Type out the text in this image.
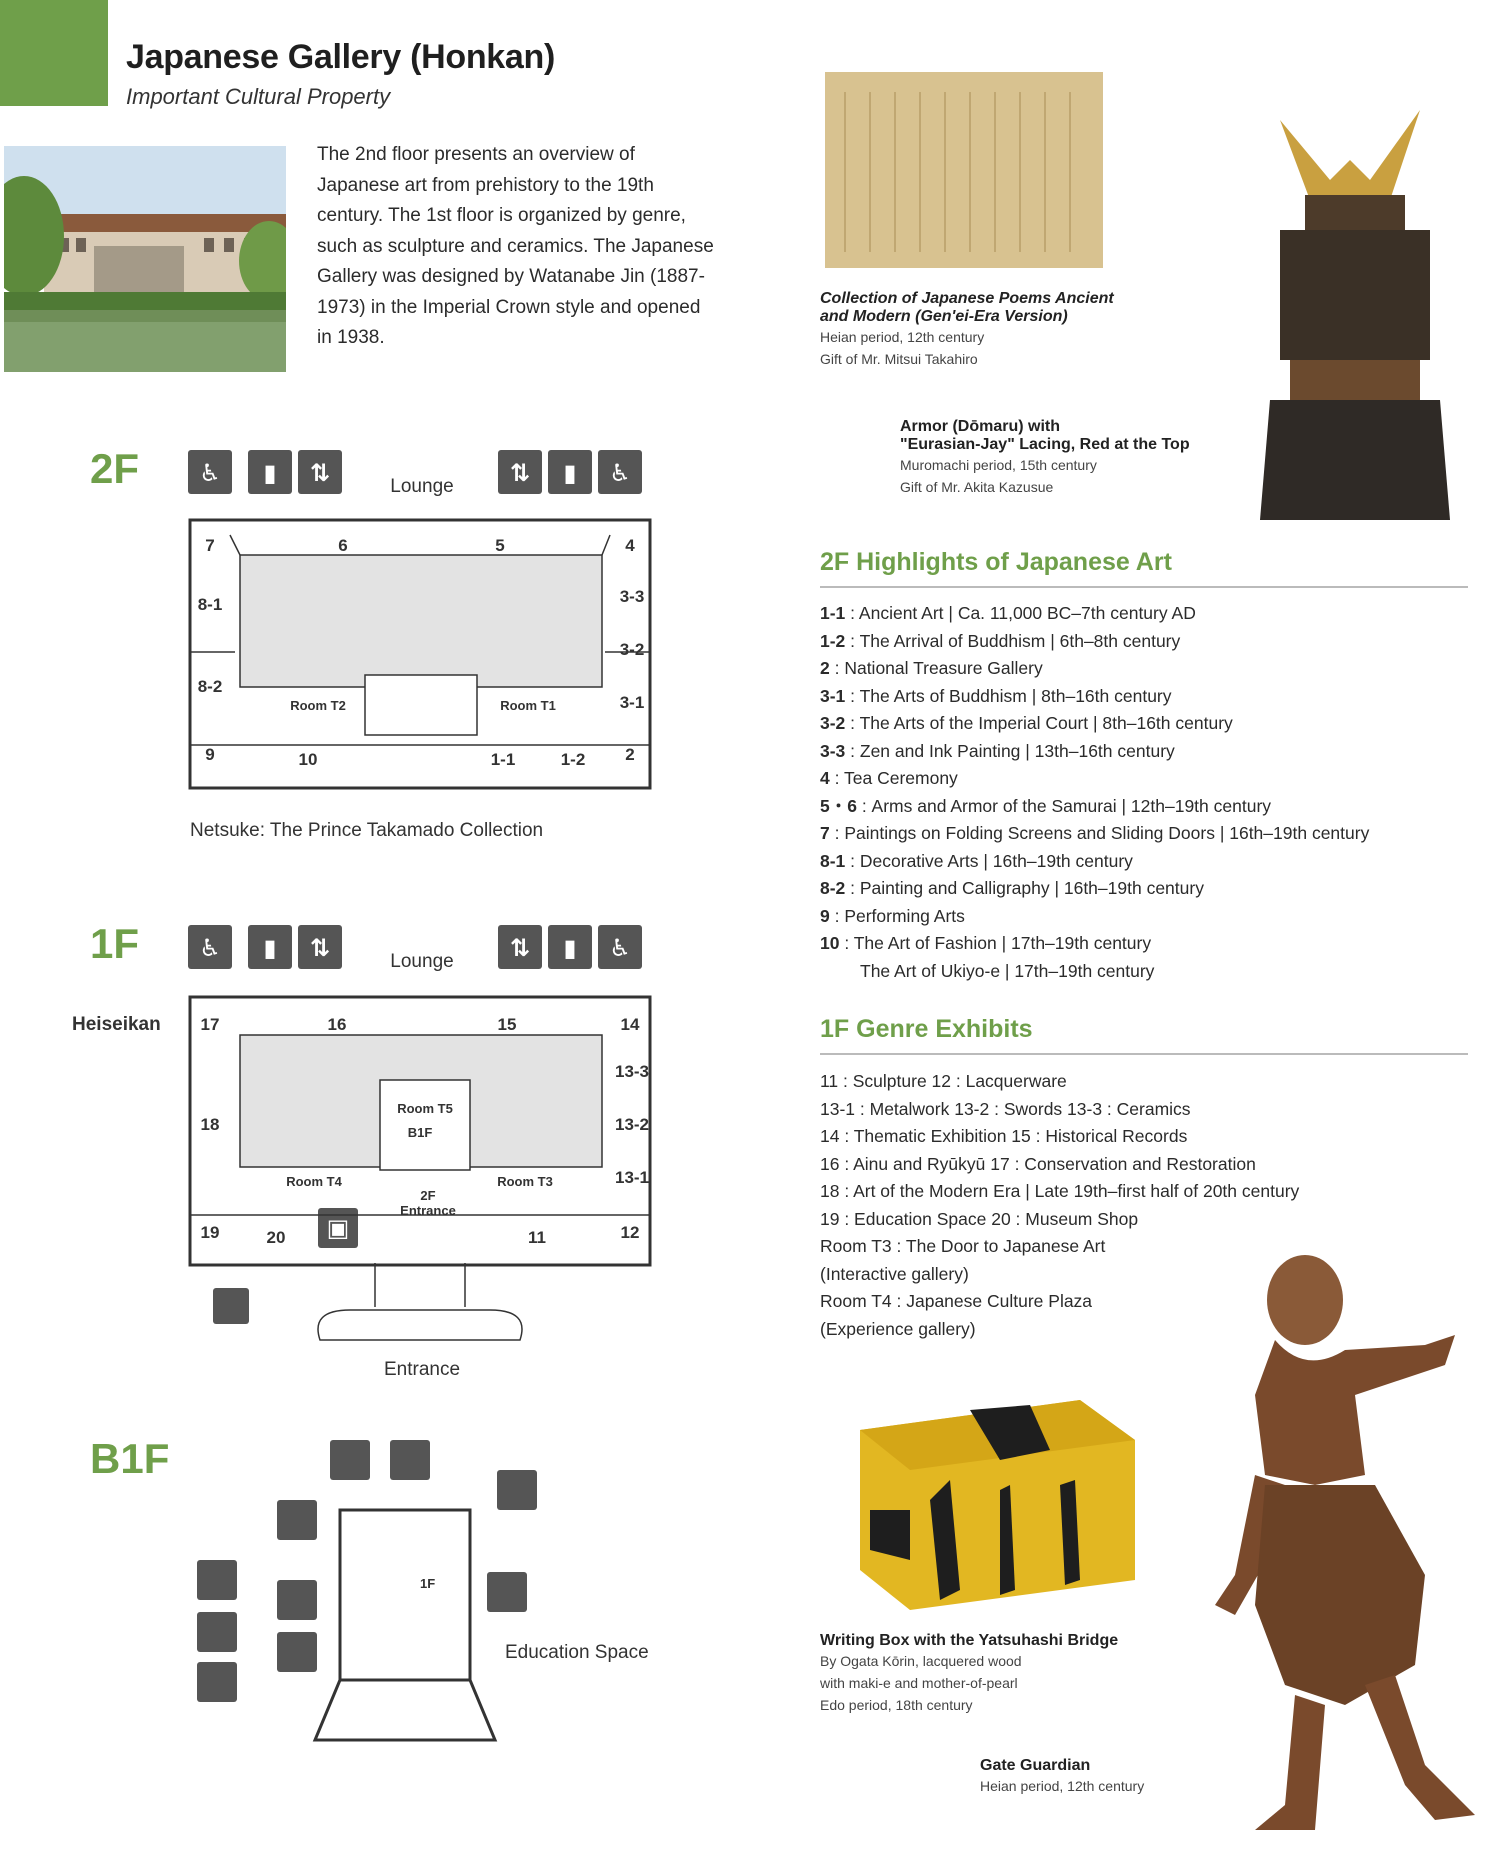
Japanese Gallery (Honkan)
Important Cultural Property
The 2nd floor presents an overview of Japanese art from prehistory to the 19th century. The 1st floor is organized by genre, such as sculpture and ceramics. The Japanese Gallery was designed by Watanabe Jin (1887-1973) in the Imperial Crown style and opened in 1938.
2F	♿ ▮ ⇅	⇅ ▮ ♿
7	6	5	4
8-1
8-2
3-3
3-2
3-1
9	10	1-1	1-2 2
Room T2	Room T1
Lounge
Netsuke: The Prince Takamado Collection
1F	♿ ▮ ⇅	⇅ ▮ ♿
▣
17	16	15	14
18
13-3
13-2
13-1
19	20	11	12
Room T5
Room T4	Room T3
B1F
2F
Entrance
Heiseikan
Lounge
Entrance
B1F
Education Space
1F
Collection of Japanese Poems Ancient
and Modern (Gen'ei-Era Version)
Heian period, 12th century
Gift of Mr. Mitsui Takahiro
Armor (Dōmaru) with
"Eurasian-Jay" Lacing, Red at the Top
Muromachi period, 15th century
Gift of Mr. Akita Kazusue
2F Highlights of Japanese Art
1-1 : Ancient Art | Ca. 11,000 BC–7th century AD
1-2 : The Arrival of Buddhism | 6th–8th century
2 : National Treasure Gallery
3-1 : The Arts of Buddhism | 8th–16th century
3-2 : The Arts of the Imperial Court | 8th–16th century
3-3 : Zen and Ink Painting | 13th–16th century
4 : Tea Ceremony
5・6 : Arms and Armor of the Samurai | 12th–19th century
7 : Paintings on Folding Screens and Sliding Doors | 16th–19th century
8-1 : Decorative Arts | 16th–19th century
8-2 : Painting and Calligraphy | 16th–19th century
9 : Performing Arts
10 : The Art of Fashion | 17th–19th century
The Art of Ukiyo-e | 17th–19th century
1F Genre Exhibits
11 : Sculpture 12 : Lacquerware
13-1 : Metalwork 13-2 : Swords 13-3 : Ceramics
14 : Thematic Exhibition 15 : Historical Records
16 : Ainu and Ryūkyū 17 : Conservation and Restoration
18 : Art of the Modern Era | Late 19th–first half of 20th century
19 : Education Space 20 : Museum Shop
Room T3 : The Door to Japanese Art
(Interactive gallery)
Room T4 : Japanese Culture Plaza
(Experience gallery)
Writing Box with the Yatsuhashi Bridge
By Ogata Kōrin, lacquered wood
with maki-e and mother-of-pearl
Edo period, 18th century
Gate Guardian
Heian period, 12th century
